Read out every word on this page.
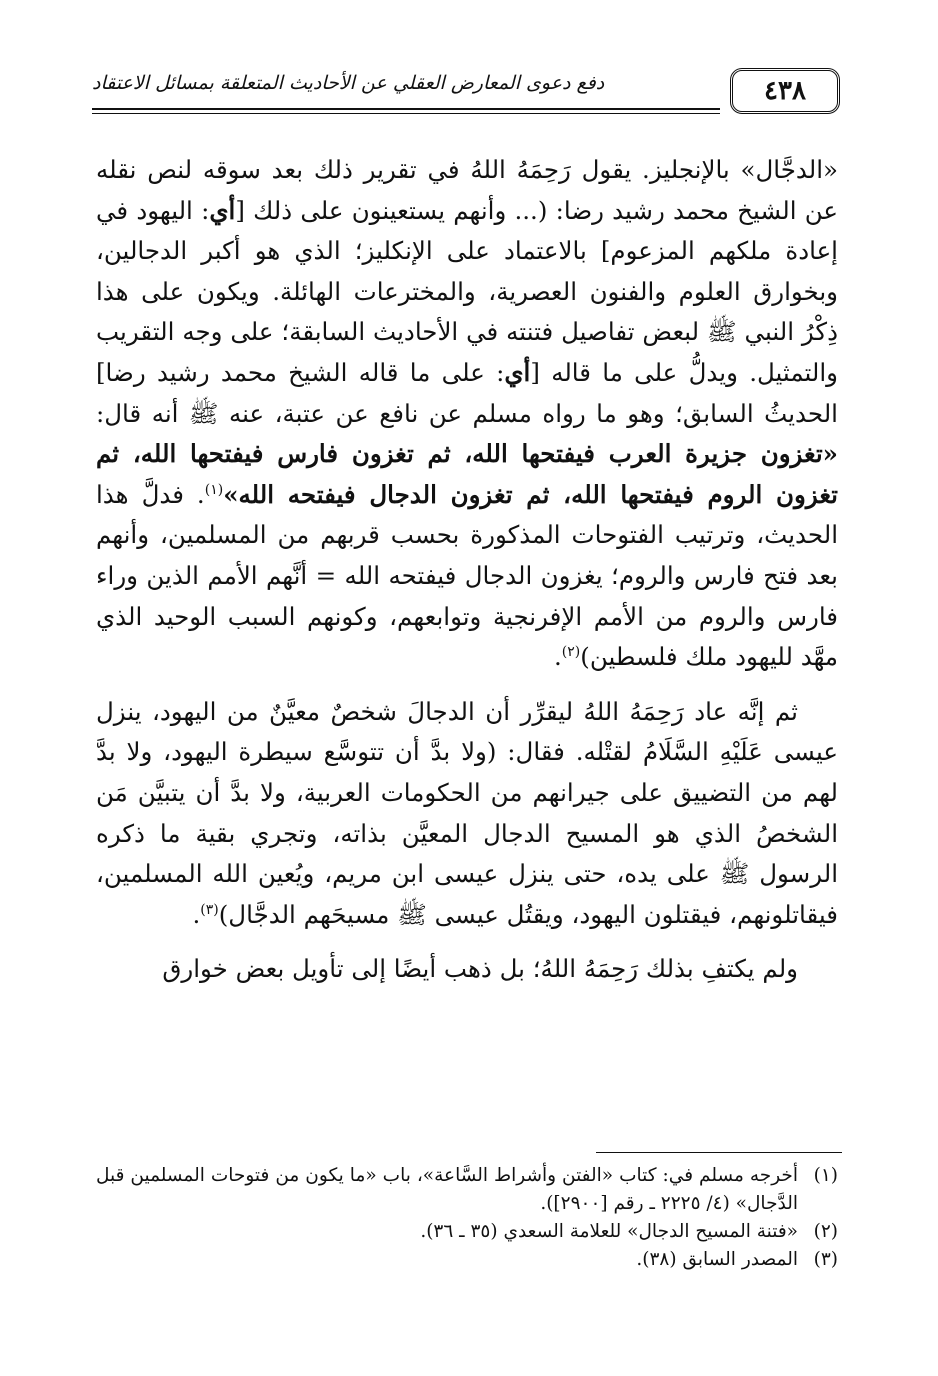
٤٣٨
دفع دعوى المعارض العقلي عن الأحاديث المتعلقة بمسائل الاعتقاد

«الدجَّال» بالإنجليز. يقول رَحِمَهُ اللهُ في تقرير ذلك بعد سوقه لنص نقله عن الشيخ محمد رشيد رضا: (... وأنهم يستعينون على ذلك [أي: اليهود في إعادة ملكهم المزعوم] بالاعتماد على الإنكليز؛ الذي هو أكبر الدجالين، وبخوارق العلوم والفنون العصرية، والمخترعات الهائلة. ويكون على هذا ذِكْرُ النبي ﷺ لبعض تفاصيل فتنته في الأحاديث السابقة؛ على وجه التقريب والتمثيل. ويدلُّ على ما قاله [أي: على ما قاله الشيخ محمد رشيد رضا] الحديثُ السابق؛ وهو ما رواه مسلم عن نافع عن عتبة، عنه ﷺ أنه قال: «تغزون جزيرة العرب فيفتحها الله، ثم تغزون فارس فيفتحها الله، ثم تغزون الروم فيفتحها الله، ثم تغزون الدجال فيفتحه الله»$^{(١)}$. فدلَّ هذا الحديث، وترتيب الفتوحات المذكورة بحسب قربهم من المسلمين، وأنهم بعد فتح فارس والروم؛ يغزون الدجال فيفتحه الله = أنَّهم الأمم الذين وراء فارس والروم من الأمم الإفرنجية وتوابعهم، وكونهم السبب الوحيد الذي مهَّد لليهود ملك فلسطين)$^{(٢)}$.

ثم إنَّه عاد رَحِمَهُ اللهُ ليقرِّر أن الدجالَ شخصٌ معيَّنٌ من اليهود، ينزل عيسى عَلَيْهِ السَّلَامُ لقتْله. فقال: (ولا بدَّ أن تتوسَّع سيطرة اليهود، ولا بدَّ لهم من التضييق على جيرانهم من الحكومات العربية، ولا بدَّ أن يتبيَّن مَن الشخصُ الذي هو المسيح الدجال المعيَّن بذاته، وتجري بقية ما ذكره الرسول ﷺ على يده، حتى ينزل عيسى ابن مريم، ويُعين الله المسلمين، فيقاتلونهم، فيقتلون اليهود، ويقتُل عيسى ﷺ مسيحَهم الدجَّال)$^{(٣)}$.

ولم يكتفِ بذلك رَحِمَهُ اللهُ؛ بل ذهب أيضًا إلى تأويل بعض خوارق

(١)
أخرجه مسلم في: كتاب «الفتن وأشراط السَّاعة»، باب «ما يكون من فتوحات المسلمين قبل الدَّجال» (٤/ ٢٢٢٥ ـ رقم [٢٩٠٠]).
(٢)
«فتنة المسيح الدجال» للعلامة السعدي (٣٥ ـ ٣٦).
(٣)
المصدر السابق (٣٨).
